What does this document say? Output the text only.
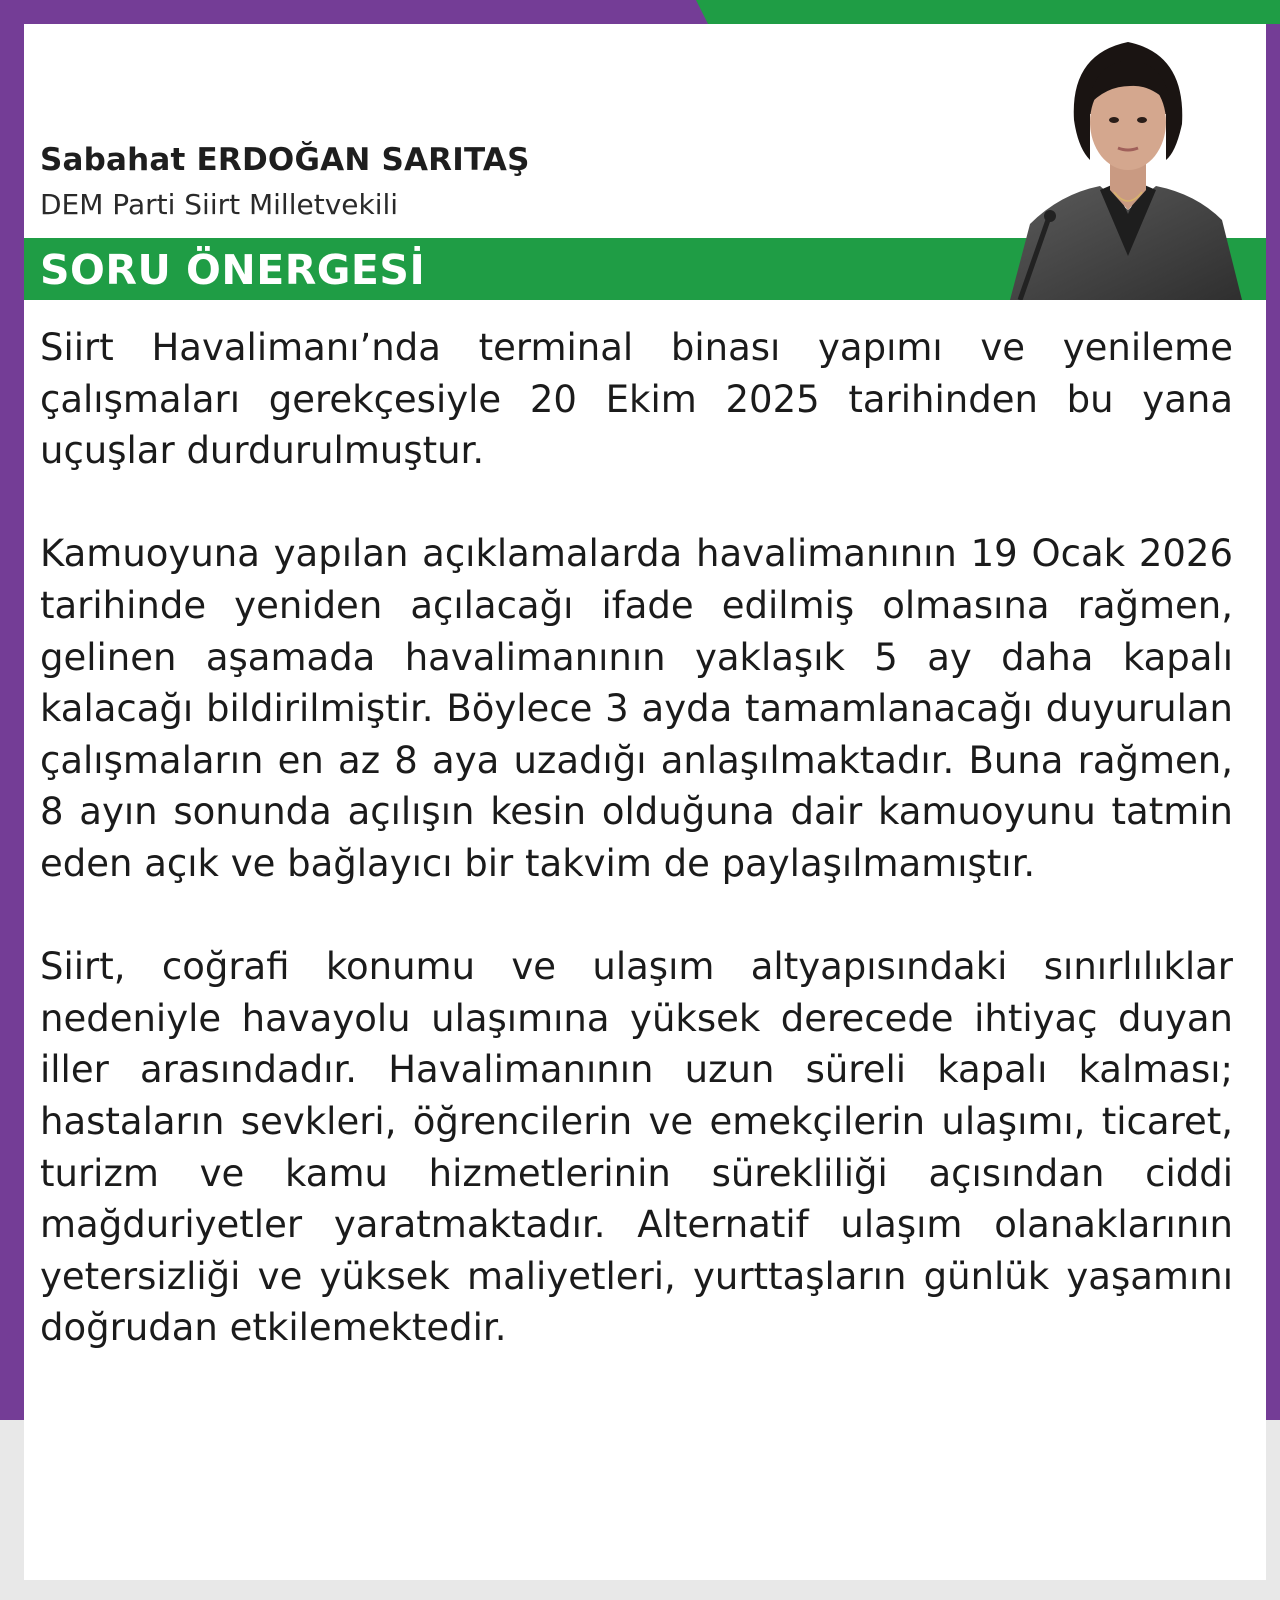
Sabahat ERDOĞAN SARITAŞ
DEM Parti Siirt Milletvekili
SORU ÖNERGESİ

Siirt Havalimanı’nda terminal binası yapımı ve yenileme çalışmaları gerekçesiyle 20 Ekim 2025 tarihinden bu yana uçuşlar durdurulmuştur.

Kamuoyuna yapılan açıklamalarda havalimanının 19 Ocak 2026 tarihinde yeniden açılacağı ifade edilmiş olmasına rağmen, gelinen aşamada havalimanının yaklaşık 5 ay daha kapalı kalacağı bildirilmiştir. Böylece 3 ayda tamamlanacağı duyurulan çalışmaların en az 8 aya uzadığı anlaşılmaktadır. Buna rağmen, 8 ayın sonunda açılışın kesin olduğuna dair kamuoyunu tatmin eden açık ve bağlayıcı bir takvim de paylaşılmamıştır.

Siirt, coğrafi konumu ve ulaşım altyapısındaki sınırlılıklar nedeniyle havayolu ulaşımına yüksek derecede ihtiyaç duyan iller arasındadır. Havalimanının uzun süreli kapalı kalması; hastaların sevkleri, öğrencilerin ve emekçilerin ulaşımı, ticaret, turizm ve kamu hizmetlerinin sürekliliği açısından ciddi mağduriyetler yaratmaktadır. Alternatif ulaşım olanaklarının yetersizliği ve yüksek maliyetleri, yurttaşların günlük yaşamını doğrudan etkilemektedir.
